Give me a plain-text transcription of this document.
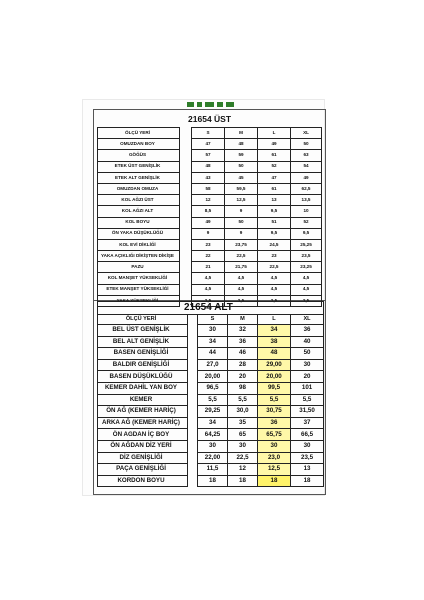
21654 ÜST					
ÖLÇÜ YERİ		S	M	L	XL
OMUZDAN BOY		47	48	49	50
GÖĞÜS		57	59	61	63
ETEK ÜST GENİŞLİK		48	50	52	54
ETEK ALT GENİŞLİK		43	45	47	49
OMUZDAN OMUZA		58	59,5	61	62,5
KOL AĞZI ÜST		12	12,5	13	13,5
KOL AĞZI ALT		8,5	9	9,5	10
KOL BOYU		49	50	51	52
ÖN YAKA DÜŞÜKLÜĞÜ		9	9	9,5	9,5
KOL EVİ DİKLİĞİ		23	23,75	24,5	25,25
YAKA AÇIKLIĞI DİKİŞTEN DİKİŞE		22	22,5	23	23,5
PAZU		21	21,75	22,5	23,25
KOL MANŞET YÜKSEKLİĞİ		4,5	4,5	4,5	4,5
ETEK MANŞET YÜKSEKLİĞİ		4,5	4,5	4,5	4,5
YAKA YÜKSEKLİĞİ		2,5	2,5	2,5	2,5
21654 ALT					
ÖLÇÜ YERİ		S	M	L	XL
BEL ÜST GENİŞLİK		30	32	34	36
BEL ALT GENİŞLİK		34	36	38	40
BASEN GENİŞLİĞİ		44	46	48	50
BALDIR GENİŞLİĞİ		27,0	28	29,00	30
BASEN DÜŞÜKLÜĞÜ		20,00	20	20,00	20
KEMER DAHİL YAN BOY		96,5	98	99,5	101
KEMER		5,5	5,5	5,5	5,5
ÖN AĞ (KEMER HARİÇ)		29,25	30,0	30,75	31,50
ARKA AĞ (KEMER HARİÇ)		34	35	36	37
ÖN AGDAN İÇ BOY		64,25	65	65,75	66,5
ÖN AĞDAN DİZ YERİ		30	30	30	30
DİZ GENİŞLİĞİ		22,00	22,5	23,0	23,5
PAÇA GENİŞLİĞİ		11,5	12	12,5	13
KORDON BOYU		18	18	18	18
